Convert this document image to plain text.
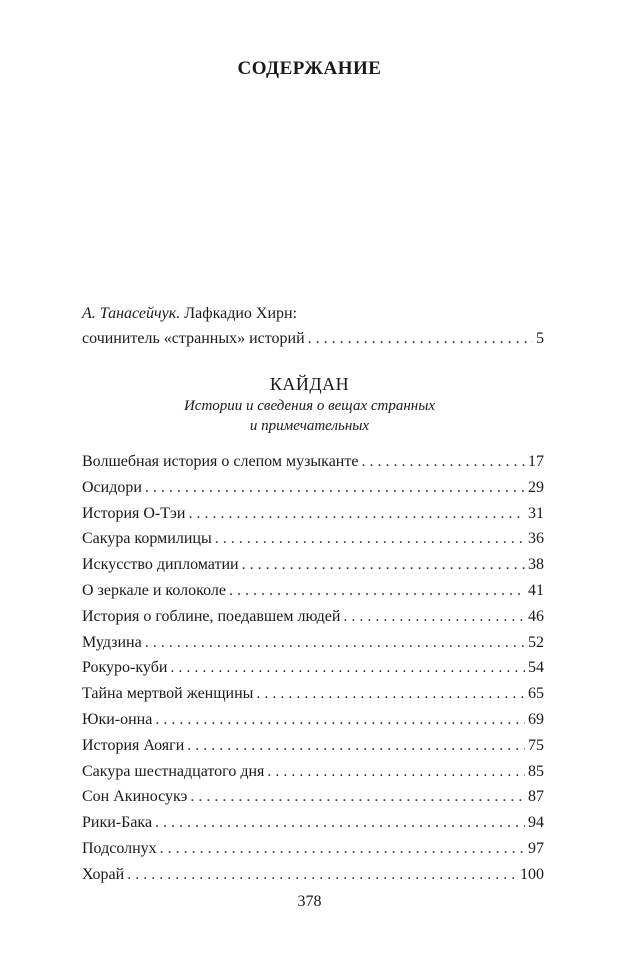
СОДЕРЖАНИЕ
А. Танасейчук. Лафкадио Хирн:
сочинитель «странных» историй . . .	5
КАЙДАН
Истории и сведения о вещах странных
и примечательных
Волшебная история о слепом музыканте . . .	17
Осидори . . .	29
История О-Тэи . . .	31
Сакура кормилицы . . .	36
Искусство дипломатии . . .	38
О зеркале и колоколе . . .	41
История о гоблине, поедавшем людей . . .	46
Мудзина . . .	52
Рокуро-куби . . .	54
Тайна мертвой женщины . . .	65
Юки-онна . . .	69
История Аояги . . .	75
Сакура шестнадцатого дня . . .	85
Сон Акиносукэ . . .	87
Рики-Бака . . .	94
Подсолнух . . .	97
Хорай . . .	100
378
